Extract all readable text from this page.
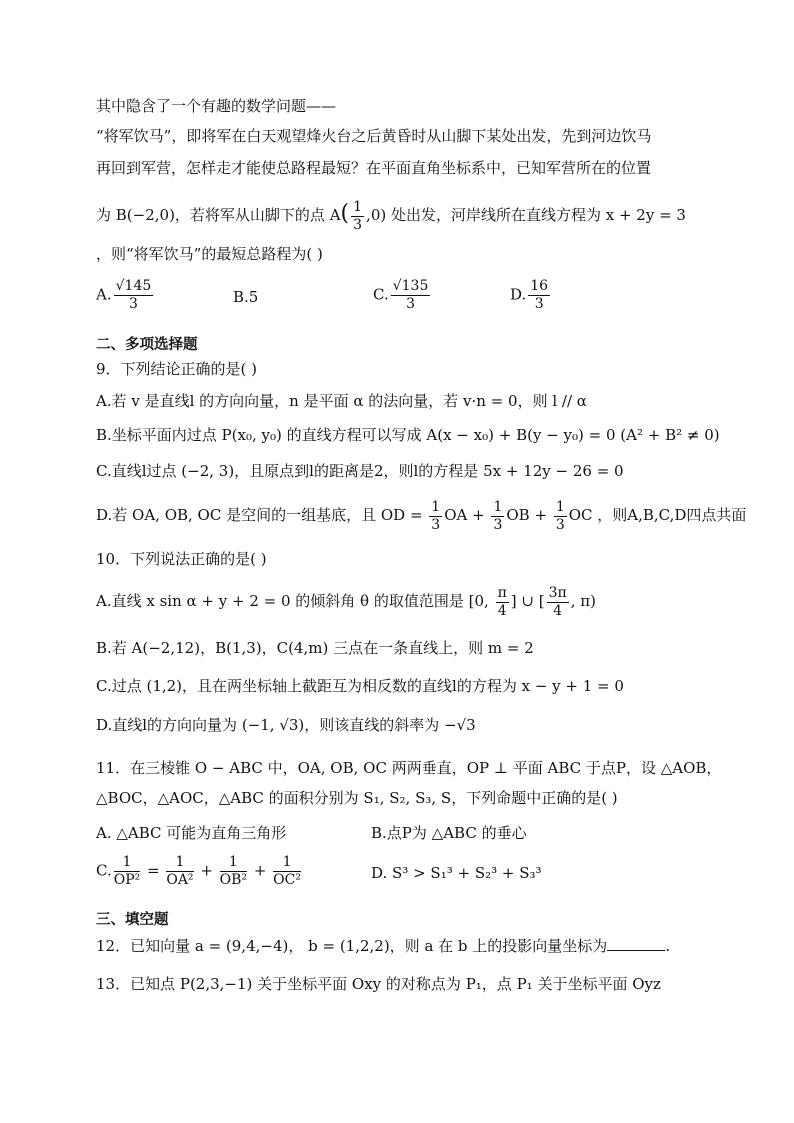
其中隐含了一个有趣的数学问题——
“将军饮马”，即将军在白天观望烽火台之后黄昏时从山脚下某处出发，先到河边饮马
再回到军营，怎样走才能使总路程最短？在平面直角坐标系中，已知军营所在的位置
为 B(−2,0)，若将军从山脚下的点 $A( \frac{1}{3} ,0)$ 处出发，河岸线所在直线方程为 x + 2y = 3
，则“将军饮马”的最短总路程为( )
A. $\frac{√145}{3}$	B.5	C. $\frac{√135}{3}$	D. $\frac{16}{3}$
二、多项选择题
9．下列结论正确的是( )
A.若 v 是直线l 的方向向量，n 是平面 α 的法向量，若 v·n = 0，则 l // α
B.坐标平面内过点 P(x₀, y₀) 的直线方程可以写成 A(x − x₀) + B(y − y₀) = 0 (A² + B² ≠ 0)
C.直线l过点 (−2, 3)，且原点到l的距离是2，则l的方程是 5x + 12y − 26 = 0
D.若 OA, OB, OC 是空间的一组基底，且 OD = $\frac{1}{3}$ OA + $\frac{1}{3}$ OB + $\frac{1}{3}$ OC ，则A,B,C,D四点共面
10．下列说法正确的是( )
A.直线 x sin α + y + 2 = 0 的倾斜角 θ 的取值范围是 [0, $\frac{\pi}{4}$ ] ∪ [ $\frac{3\pi}{4}$ , π)
B.若 A(−2,12)，B(1,3)，C(4,m) 三点在一条直线上，则 m = 2
C.过点 (1,2)，且在两坐标轴上截距互为相反数的直线l的方程为 x − y + 1 = 0
D.直线l的方向向量为 (−1, √3)，则该直线的斜率为 −√3
11．在三棱锥 O − ABC 中，OA, OB, OC 两两垂直，OP ⊥ 平面 ABC 于点P，设 △AOB，
△BOC，△AOC，△ABC 的面积分别为 S₁, S₂, S₃, S，下列命题中正确的是( )
A. △ABC 可能为直角三角形	B.点P为 △ABC 的垂心
C. $\frac{1}{\text{OP²}} = \frac{1}{\text{OA²}} + \frac{1}{\text{OB²}} + \frac{1}{\text{OC²}}$	D. S³ > S₁³ + S₂³ + S₃³
三、填空题
12．已知向量 a = (9,4,−4)， b = (1,2,2)，则 a 在 b 上的投影向量坐标为	.
13．已知点 P(2,3,−1) 关于坐标平面 Oxy 的对称点为 P₁，点 P₁ 关于坐标平面 Oyz
